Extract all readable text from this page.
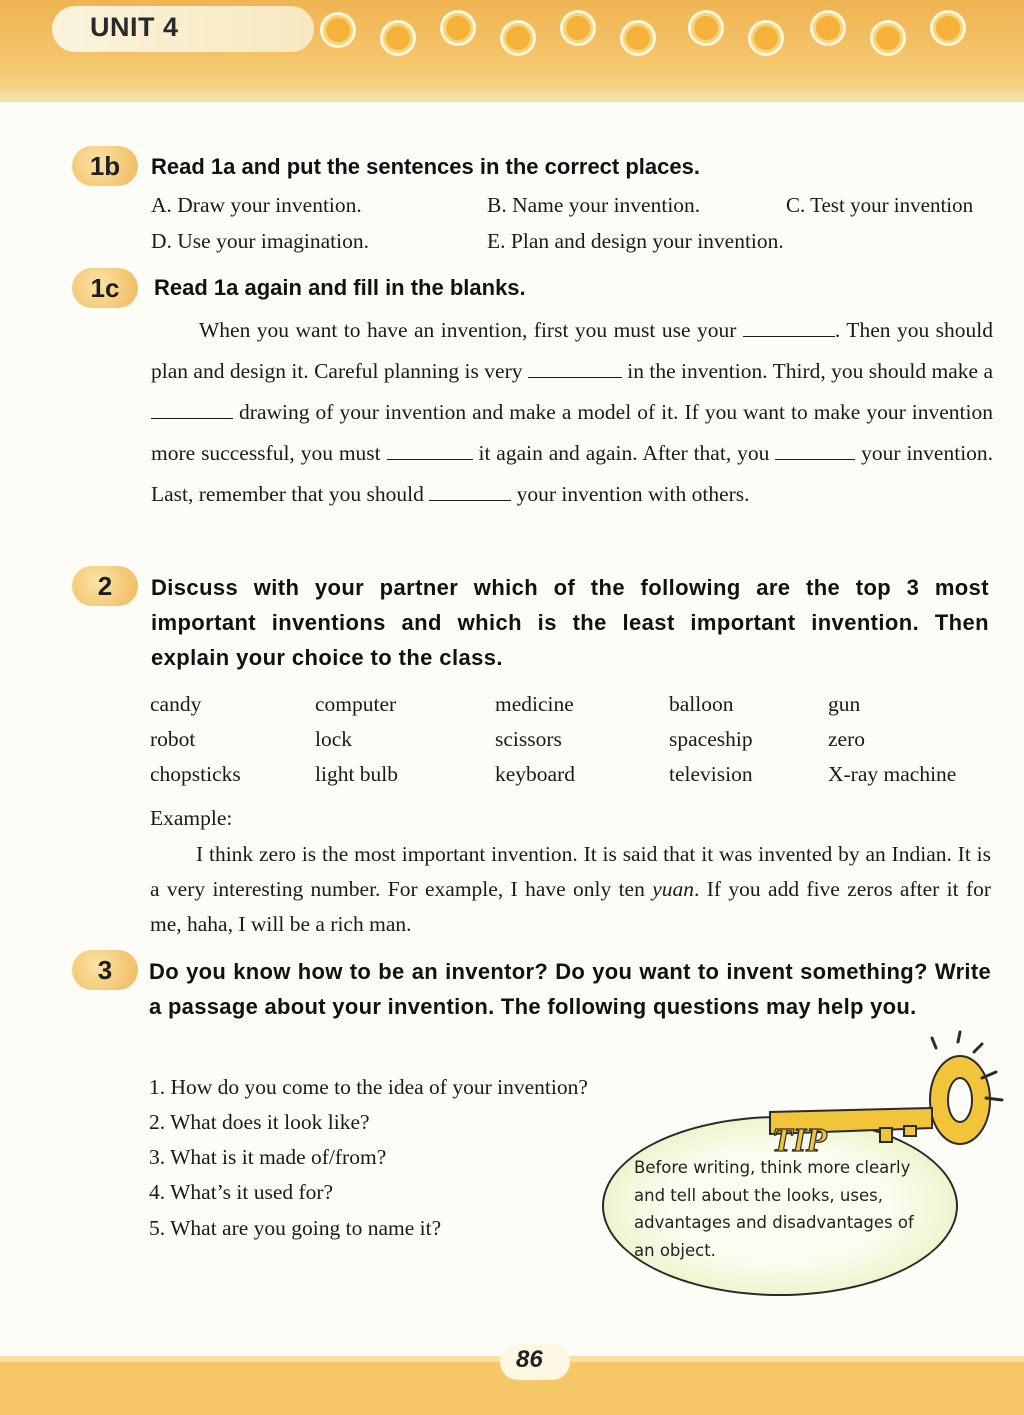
UNIT 4
1b	Read 1a and put the sentences in the correct places.
A. Draw your invention.	B. Name your invention.	C. Test your invention
D. Use your imagination.	E. Plan and design your invention.
1c	Read 1a again and fill in the blanks.
When you want to have an invention, first you must use your	. Then you should plan and design it. Careful planning is very	in the invention. Third, you should make a  drawing of your invention and make a model of it. If you want to make your invention more successful, you must	it again and again. After that, you	your invention. Last, remember that you should	your invention with others.
2	Discuss with your partner which of the following are the top 3 most important inventions and which is the least important invention. Then explain your choice to the class.
candy	computer	medicine	balloon	gun
robot	lock	scissors	spaceship	zero
chopsticks	light bulb	keyboard	television	X-ray machine
Example:
I think zero is the most important invention. It is said that it was invented by an Indian. It is a very interesting number. For example, I have only ten yuan. If you add five zeros after it for me, haha, I will be a rich man.
3	Do you know how to be an inventor? Do you want to invent something? Write a passage about your invention. The following questions may help you.
1. How do you come to the idea of your invention?
2. What does it look like?
3. What is it made of/from?
4. What’s it used for?
5. What are you going to name it?
TIP
Before writing, think more clearly and tell about the looks, uses, advantages and disadvantages of an object.
86
